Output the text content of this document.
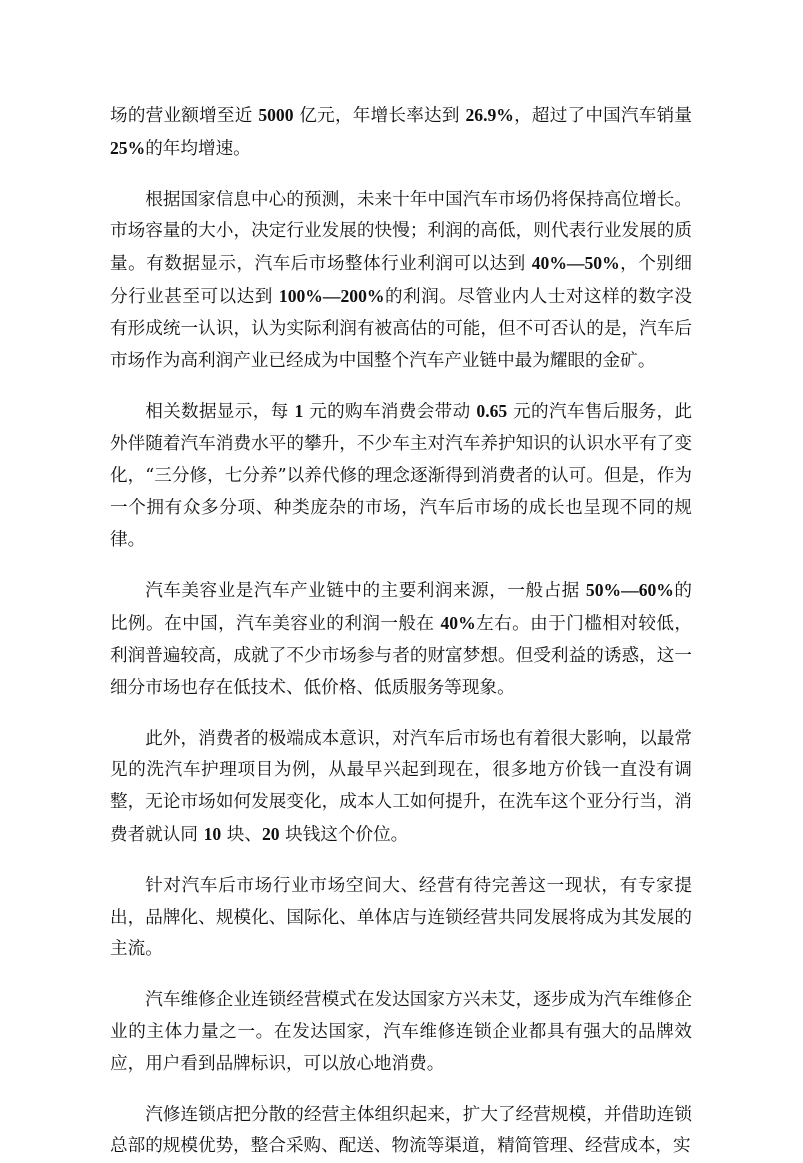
场的营业额增至近 5000 亿元，年增长率达到 26.9%，超过了中国汽车销量25%的年均增速。

根据国家信息中心的预测，未来十年中国汽车市场仍将保持高位增长。市场容量的大小，决定行业发展的快慢；利润的高低，则代表行业发展的质量。有数据显示，汽车后市场整体行业利润可以达到 40%—50%，个别细分行业甚至可以达到 100%—200%的利润。尽管业内人士对这样的数字没有形成统一认识，认为实际利润有被高估的可能，但不可否认的是，汽车后市场作为高利润产业已经成为中国整个汽车产业链中最为耀眼的金矿。

相关数据显示，每 1 元的购车消费会带动 0.65 元的汽车售后服务，此外伴随着汽车消费水平的攀升，不少车主对汽车养护知识的认识水平有了变化，“三分修，七分养”以养代修的理念逐渐得到消费者的认可。但是，作为一个拥有众多分项、种类庞杂的市场，汽车后市场的成长也呈现不同的规律。

汽车美容业是汽车产业链中的主要利润来源，一般占据 50%—60%的比例。在中国，汽车美容业的利润一般在 40%左右。由于门槛相对较低，利润普遍较高，成就了不少市场参与者的财富梦想。但受利益的诱惑，这一细分市场也存在低技术、低价格、低质服务等现象。

此外，消费者的极端成本意识，对汽车后市场也有着很大影响，以最常见的洗汽车护理项目为例，从最早兴起到现在，很多地方价钱一直没有调整，无论市场如何发展变化，成本人工如何提升，在洗车这个亚分行当，消费者就认同 10 块、20 块钱这个价位。

针对汽车后市场行业市场空间大、经营有待完善这一现状，有专家提出，品牌化、规模化、国际化、单体店与连锁经营共同发展将成为其发展的主流。

汽车维修企业连锁经营模式在发达国家方兴未艾，逐步成为汽车维修企业的主体力量之一。在发达国家，汽车维修连锁企业都具有强大的品牌效应，用户看到品牌标识，可以放心地消费。

汽修连锁店把分散的经营主体组织起来，扩大了经营规模，并借助连锁总部的规模优势，整合采购、配送、物流等渠道，精简管理、经营成本，实
